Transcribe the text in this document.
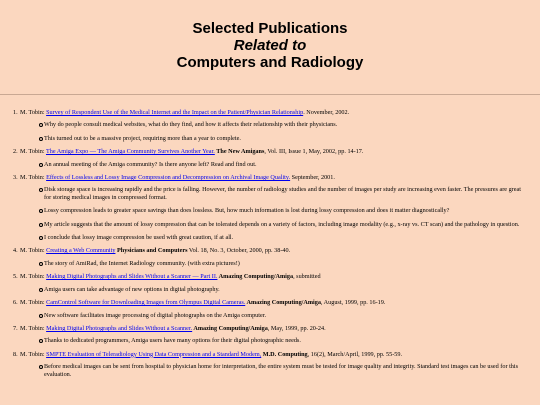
Selected Publications
Related to
Computers and Radiology
1. M. Tobin: Survey of Respondent Use of the Medical Internet and the Impact on the Patient/Physician Relationship. November, 2002.
Why do people consult medical websites, what do they find, and how it affects their relationship with their physicians.
This turned out to be a massive project, requiring more than a year to complete.
2. M. Tobin: The Amiga Expo — The Amiga Community Survives Another Year. The New Amigans, Vol. III, Issue 1, May, 2002, pp. 14-17.
An annual meeting of the Amiga community? Is there anyone left? Read and find out.
3. M. Tobin: Effects of Lossless and Lossy Image Compression and Decompression on Archival Image Quality. September, 2001.
Disk storage space is increasing rapidly and the price is falling. However, the number of radiology studies and the number of images per study are increasing even faster. The pressures are great for storing medical images in compressed format.
Lossy compression leads to greater space savings than does lossless. But, how much information is lost during lossy compression and does it matter diagnostically?
My article suggests that the amount of lossy compression that can be tolerated depends on a variety of factors, including image modality (e.g., x-ray vs. CT scan) and the pathology in question.
I conclude that lossy image compression be used with great caution, if at all.
4. M. Tobin: Creating a Web Community Physicians and Computers Vol. 18, No. 3, October, 2000, pp. 38-40.
The story of AmiRad, the Internet Radiology community. (with extra pictures!)
5. M. Tobin: Making Digital Photographs and Slides Without a Scanner — Part II. Amazing Computing/Amiga, submitted
Amiga users can take advantage of new options in digital photography.
6. M. Tobin: CamControl Software for Downloading Images from Olympus Digital Cameras. Amazing Computing/Amiga, August, 1999, pp. 16-19.
New software facilitates image processing of digital photographs on the Amiga computer.
7. M. Tobin: Making Digital Photographs and Slides Without a Scanner. Amazing Computing/Amiga, May, 1999, pp. 20-24.
Thanks to dedicated programmers, Amiga users have many options for their digital photographic needs.
8. M. Tobin: SMPTE Evaluation of Teleradiology Using Data Compression and a Standard Modem, M.D. Computing, 16(2), March/April, 1999, pp. 55-59.
Before medical images can be sent from hospital to physician home for interpretation, the entire system must be tested for image quality and integrity. Standard test images can be used for this evaluation.
